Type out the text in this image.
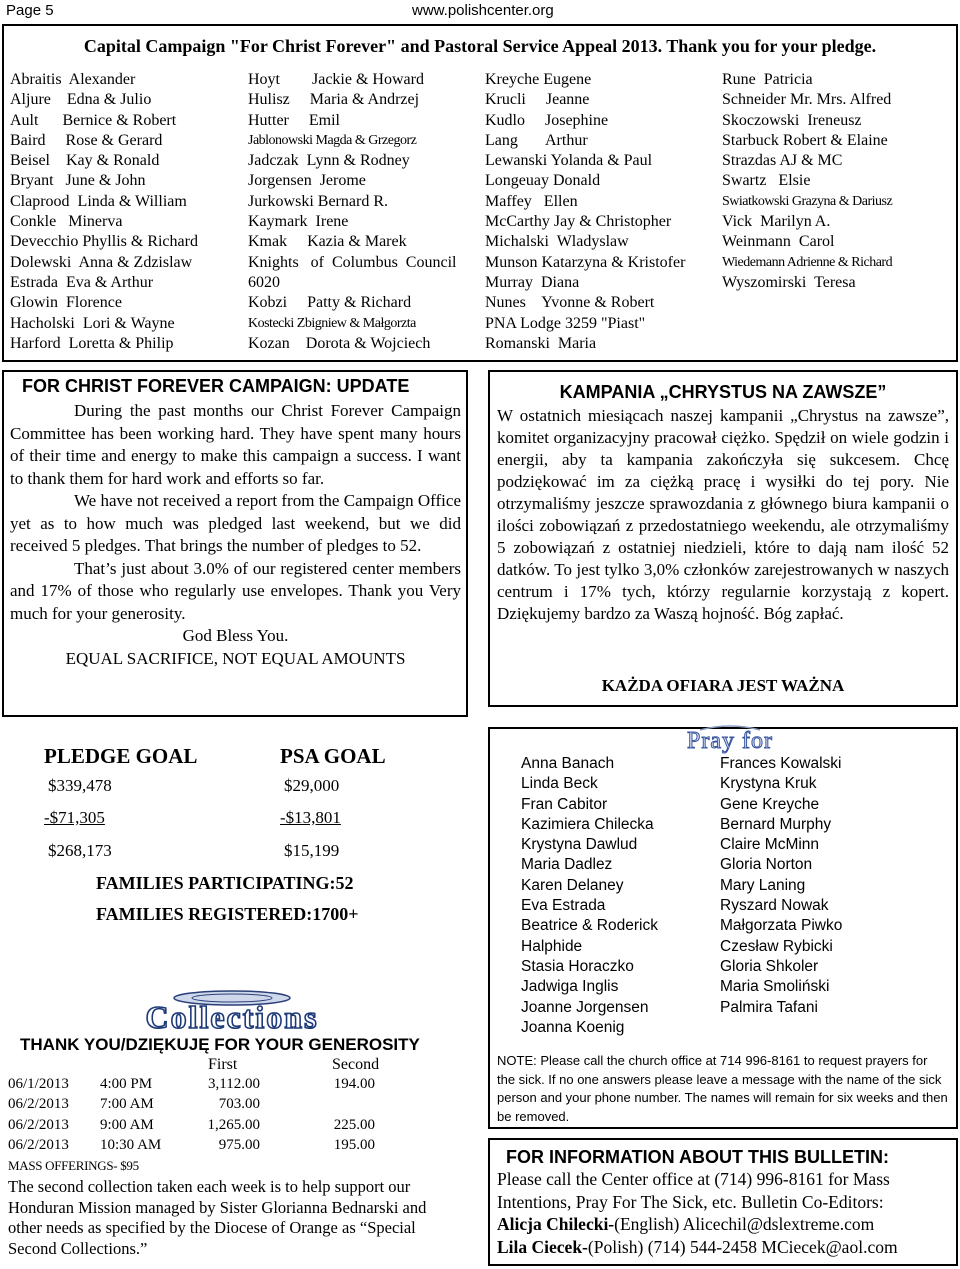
Page 5	www.polishcenter.org
Capital Campaign "For Christ Forever" and Pastoral Service Appeal 2013. Thank you for your pledge.
Abraitis  Alexander
Aljure    Edna & Julio
Ault      Bernice & Robert
Baird     Rose & Gerard
Beisel    Kay & Ronald
Bryant   June & John
Claprood  Linda & William
Conkle   Minerva
Devecchio Phyllis & Richard
Dolewski  Anna & Zdzislaw
Estrada  Eva & Arthur
Glowin  Florence
Hacholski  Lori & Wayne
Harford  Loretta & Philip
Hoyt        Jackie & Howard
Hulisz     Maria & Andrzej
Hutter     Emil
Jablonowski Magda & Grzegorz
Jadczak  Lynn & Rodney
Jorgensen  Jerome
Jurkowski Bernard R.
Kaymark  Irene
Kmak     Kazia & Marek
Knights   of  Columbus  Council
6020
Kobzi     Patty & Richard
Kostecki Zbigniew & Małgorzta
Kozan    Dorota & Wojciech
Kreyche Eugene
Krucli     Jeanne
Kudlo     Josephine
Lang       Arthur
Lewanski Yolanda & Paul
Longeuay Donald
Maffey   Ellen
McCarthy Jay & Christopher
Michalski  Wladyslaw
Munson Katarzyna & Kristofer
Murray  Diana
Nunes    Yvonne & Robert
PNA Lodge 3259 "Piast"
Romanski  Maria
Rune  Patricia
Schneider Mr. Mrs. Alfred
Skoczowski  Ireneusz
Starbuck Robert & Elaine
Strazdas AJ & MC
Swartz   Elsie
Swiatkowski Grazyna & Dariusz
Vick  Marilyn A.
Weinmann  Carol
Wiedemann Adrienne & Richard
Wyszomirski  Teresa
FOR CHRIST FOREVER CAMPAIGN: UPDATE
During the past months our Christ Forever Campaign Committee has been working hard. They have spent many hours of their time and energy to make this campaign a success. I want to thank them for hard work and efforts so far.
We have not received a report from the Campaign Office yet as to how much was pledged last weekend, but we did received 5 pledges. That brings the number of pledges to 52.
That’s just about 3.0% of our registered center members and 17% of those who regularly use envelopes. Thank you Very much for your generosity.
God Bless You.
EQUAL SACRIFICE, NOT EQUAL AMOUNTS
KAMPANIA „CHRYSTUS NA ZAWSZE”
W ostatnich miesiącach naszej kampanii „Chrystus na zawsze”, komitet organizacyjny pracował ciężko. Spędził on wiele godzin i energii, aby ta kampania zakończyła się sukcesem. Chcę podziękować im za ciężką pracę i wysiłki do tej pory. Nie otrzymaliśmy jeszcze sprawozdania z głównego biura kampanii o ilości zobowiązań z przedostatniego weekendu, ale otrzymaliśmy 5 zobowiązań z ostatniej niedzieli, które to dają nam ilość 52 datków. To jest tylko 3,0% członków zarejestrowanych w naszych centrum i 17% tych, którzy regularnie korzystają z kopert. Dziękujemy bardzo za Waszą hojność. Bóg zapłać.
KAŻDA OFIARA JEST WAŻNA
PLEDGE GOAL	PSA GOAL
$339,478	$29,000
-$71,305	-$13,801
$268,173	$15,199
FAMILIES PARTICIPATING:52
FAMILIES REGISTERED:1700+
Collections
THANK YOU/DZIĘKUJĘ FOR YOUR GENEROSITY
First	Second
06/1/2013 4:00 PM	3,112.00	194.00
06/2/2013 7:00 AM	703.00
06/2/2013 9:00 AM	1,265.00	225.00
06/2/2013 10:30 AM	975.00	195.00
MASS OFFERINGS- $95
The second collection taken each week is to help support our Honduran Mission managed by Sister Glorianna Bednarski and other needs as specified by the Diocese of Orange as “Special Second Collections.”
Pray for
Anna Banach
Linda Beck
Fran Cabitor
Kazimiera Chilecka
Krystyna Dawlud
Maria Dadlez
Karen Delaney
Eva Estrada
Beatrice & Roderick
Halphide
Stasia Horaczko
Jadwiga Inglis
Joanne Jorgensen
Joanna Koenig
Frances Kowalski
Krystyna Kruk
Gene Kreyche
Bernard Murphy
Claire McMinn
Gloria Norton
Mary Laning
Ryszard Nowak
Małgorzata Piwko
Czesław Rybicki
Gloria Shkoler
Maria Smoliński
Palmira Tafani
NOTE: Please call the church office at 714 996-8161 to request prayers for the sick. If no one answers please leave a message with the name of the sick person and your phone number. The names will remain for six weeks and then be removed.
FOR INFORMATION ABOUT THIS BULLETIN:
Please call the Center office at (714) 996-8161 for Mass Intentions, Pray For The Sick, etc. Bulletin Co-Editors:
Alicja Chilecki-(English) Alicechil@dslextreme.com
Lila Ciecek-(Polish) (714) 544-2458 MCiecek@aol.com
